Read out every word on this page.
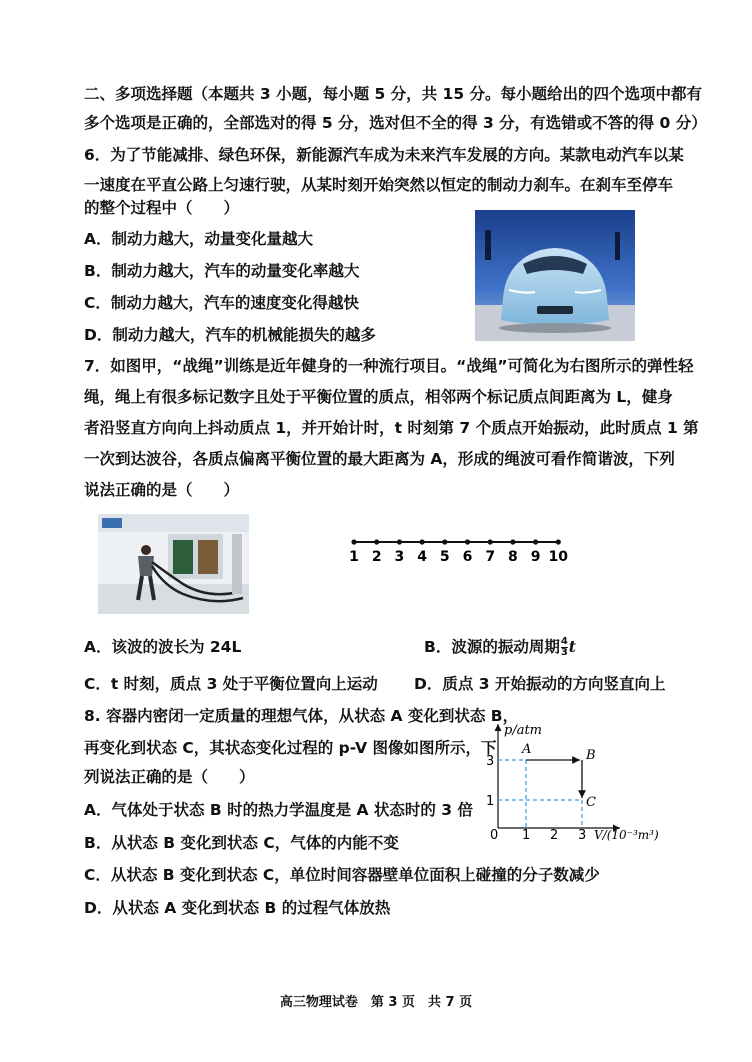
二、多项选择题（本题共 3 小题，每小题 5 分，共 15 分。每小题给出的四个选项中都有
多个选项是正确的，全部选对的得 5 分，选对但不全的得 3 分，有选错或不答的得 0 分）
6．为了节能减排、绿色环保，新能源汽车成为未来汽车发展的方向。某款电动汽车以某
一速度在平直公路上匀速行驶，从某时刻开始突然以恒定的制动力刹车。在刹车至停车
的整个过程中（　　）
A．制动力越大，动量变化量越大
B．制动力越大，汽车的动量变化率越大
C．制动力越大，汽车的速度变化得越快
D．制动力越大，汽车的机械能损失的越多
7．如图甲，“战绳”训练是近年健身的一种流行项目。“战绳”可简化为右图所示的弹性轻
绳，绳上有很多标记数字且处于平衡位置的质点，相邻两个标记质点间距离为 L，健身
者沿竖直方向向上抖动质点 1，并开始计时，t 时刻第 7 个质点开始振动，此时质点 1 第
一次到达波谷，各质点偏离平衡位置的最大距离为 A，形成的绳波可看作简谐波，下列
说法正确的是（　　）
1 2 3 4 5 6 7 8 9 10
A．该波的波长为 24L	B．波源的振动周期 $\frac{4}{3}$ t
C．t 时刻，质点 3 处于平衡位置向上运动 D．质点 3 开始振动的方向竖直向上
8. 容器内密闭一定质量的理想气体，从状态 A 变化到状态 B，
再变化到状态 C，其状态变化过程的 p-V 图像如图所示，下
列说法正确的是（　　）
A．气体处于状态 B 时的热力学温度是 A 状态时的 3 倍
B．从状态 B 变化到状态 C，气体的内能不变
C．从状态 B 变化到状态 C，单位时间容器壁单位面积上碰撞的分子数减少
D．从状态 A 变化到状态 B 的过程气体放热
p/atm
V/(10⁻³m³)
0 1 2 3
1
3
A	B
C
高三物理试卷　第 3 页　共 7 页
